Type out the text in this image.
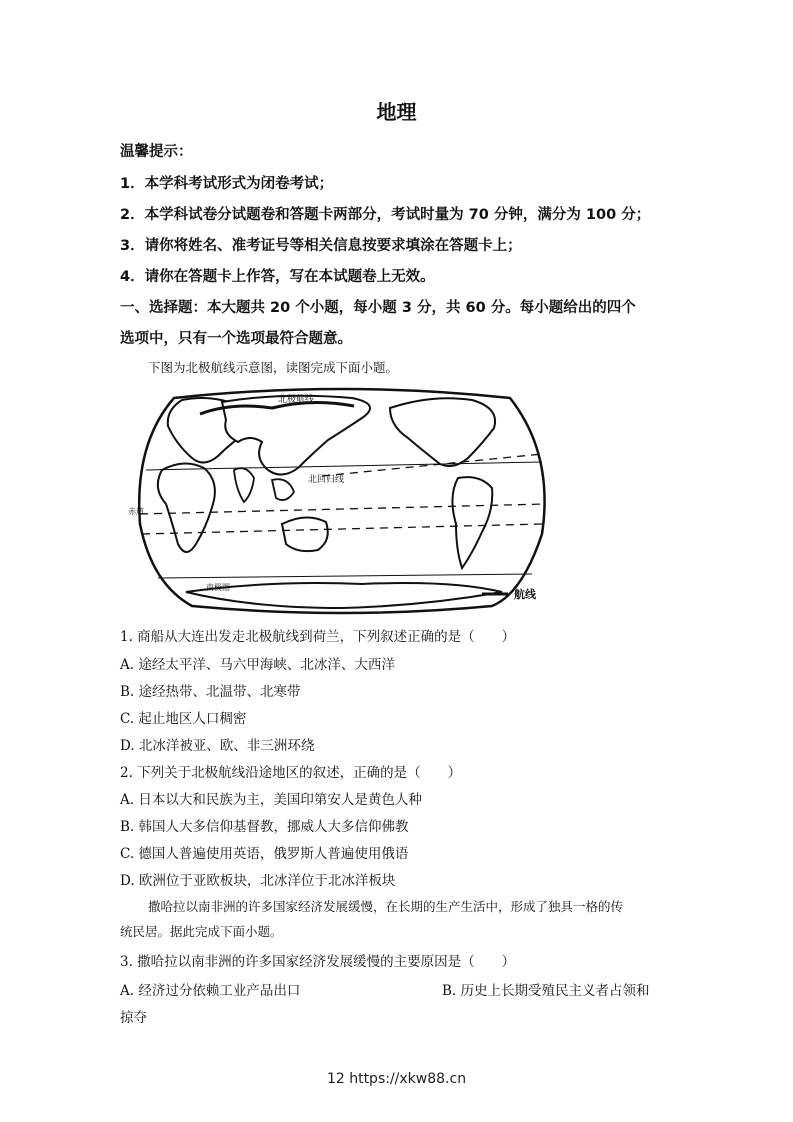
地理
温馨提示：
1．本学科考试形式为闭卷考试；
2．本学科试卷分试题卷和答题卡两部分，考试时量为 70 分钟，满分为 100 分；
3．请你将姓名、准考证号等相关信息按要求填涂在答题卡上；
4．请你在答题卡上作答，写在本试题卷上无效。
一、选择题：本大题共 20 个小题，每小题 3 分，共 60 分。每小题给出的四个
选项中，只有一个选项最符合题意。
下图为北极航线示意图，读图完成下面小题。
北极航线
北回归线
赤道
南极圈
航线
1. 商船从大连出发走北极航线到荷兰，下列叙述正确的是（　　）
A. 途经太平洋、马六甲海峡、北冰洋、大西洋
B. 途经热带、北温带、北寒带
C. 起止地区人口稠密
D. 北冰洋被亚、欧、非三洲环绕
2. 下列关于北极航线沿途地区的叙述，正确的是（　　）
A. 日本以大和民族为主，美国印第安人是黄色人种
B. 韩国人大多信仰基督教，挪威人大多信仰佛教
C. 德国人普遍使用英语，俄罗斯人普遍使用俄语
D. 欧洲位于亚欧板块，北冰洋位于北冰洋板块
撒哈拉以南非洲的许多国家经济发展缓慢，在长期的生产生活中，形成了独具一格的传
统民居。据此完成下面小题。
3. 撒哈拉以南非洲的许多国家经济发展缓慢的主要原因是（　　）
A. 经济过分依赖工业产品出口	B. 历史上长期受殖民主义者占领和
掠夺
12 https://xkw88.cn
